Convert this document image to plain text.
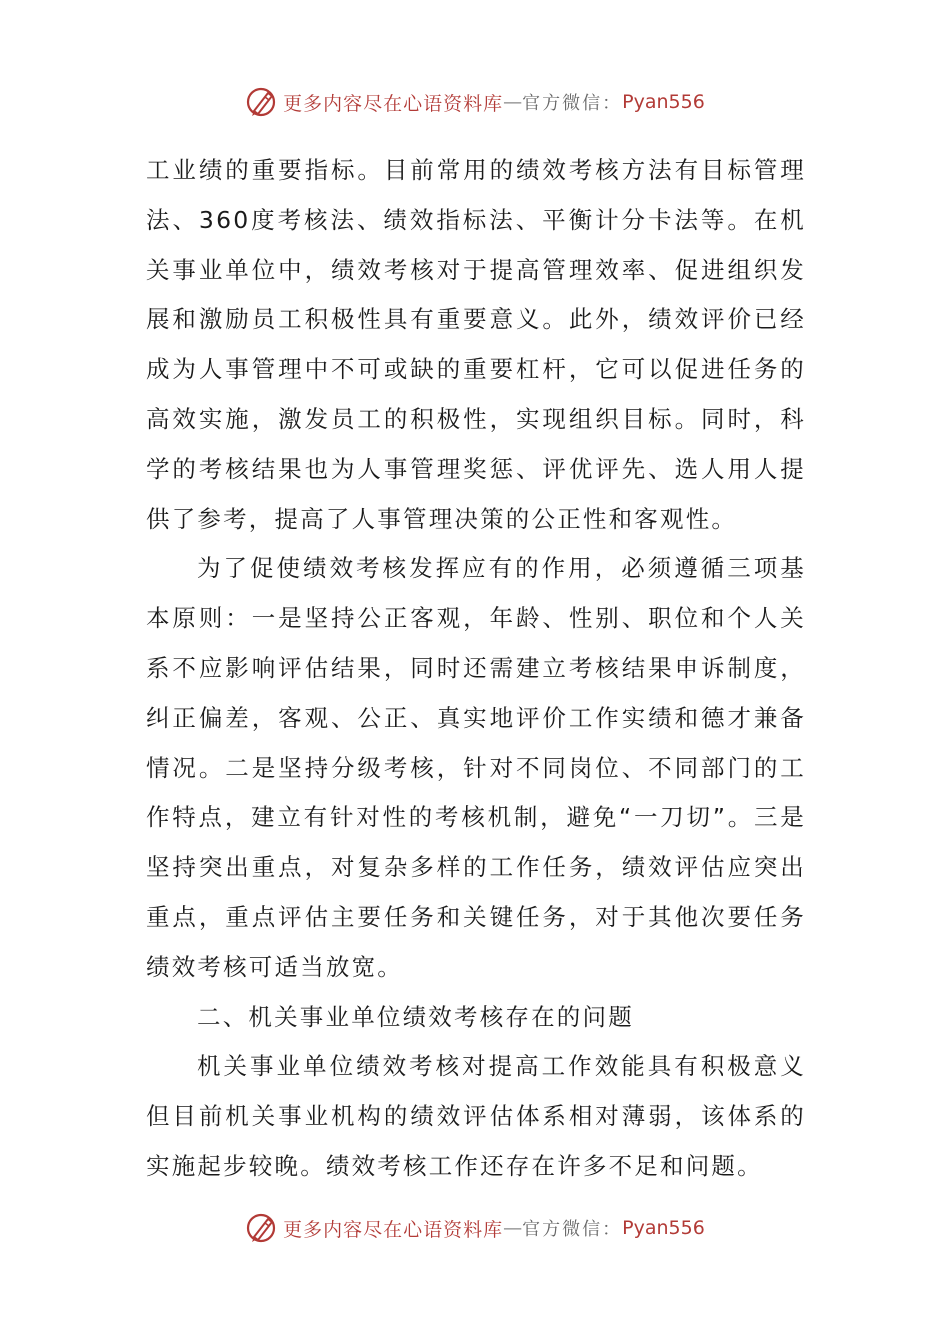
更多内容尽在心语资料库 — 官方微信： Pyan556

工业绩的重要指标。目前常用的绩效考核方法有目标管理法、360度考核法、绩效指标法、平衡计分卡法等。在机关事业单位中，绩效考核对于提高管理效率、促进组织发展和激励员工积极性具有重要意义。此外，绩效评价已经成为人事管理中不可或缺的重要杠杆，它可以促进任务的高效实施，激发员工的积极性，实现组织目标。同时，科学的考核结果也为人事管理奖惩、评优评先、选人用人提供了参考，提高了人事管理决策的公正性和客观性。

为了促使绩效考核发挥应有的作用，必须遵循三项基本原则：一是坚持公正客观，年龄、性别、职位和个人关系不应影响评估结果，同时还需建立考核结果申诉制度，纠正偏差，客观、公正、真实地评价工作实绩和德才兼备情况。二是坚持分级考核，针对不同岗位、不同部门的工作特点，建立有针对性的考核机制，避免“一刀切”。三是坚持突出重点，对复杂多样的工作任务，绩效评估应突出重点，重点评估主要任务和关键任务，对于其他次要任务绩效考核可适当放宽。

二、机关事业单位绩效考核存在的问题

机关事业单位绩效考核对提高工作效能具有积极意义但目前机关事业机构的绩效评估体系相对薄弱，该体系的实施起步较晚。绩效考核工作还存在许多不足和问题。

更多内容尽在心语资料库 — 官方微信： Pyan556
